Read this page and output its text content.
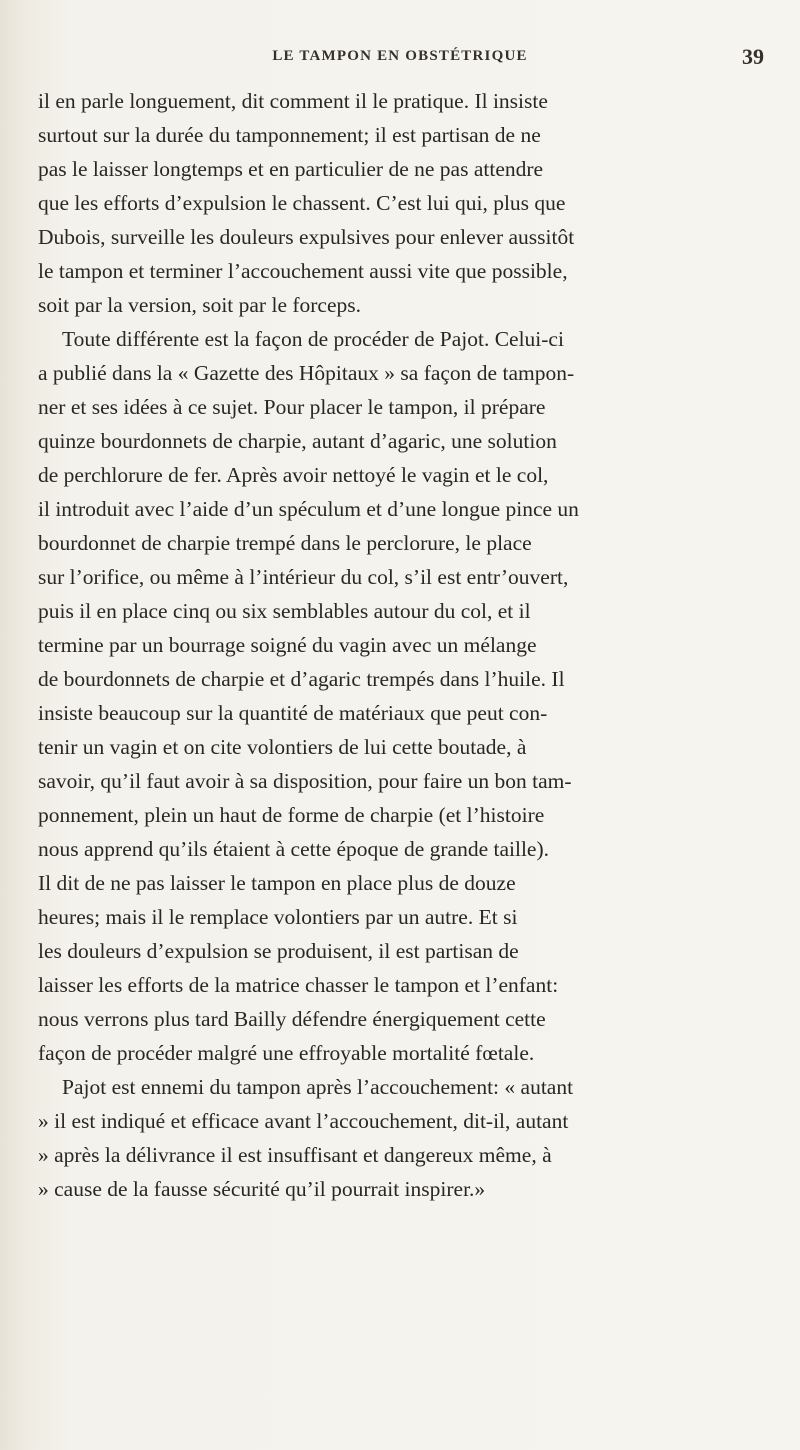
LE TAMPON EN OBSTÉTRIQUE	39
il en parle longuement, dit comment il le pratique. Il insiste
surtout sur la durée du tamponnement; il est partisan de ne
pas le laisser longtemps et en particulier de ne pas attendre
que les efforts d’expulsion le chassent. C’est lui qui, plus que
Dubois, surveille les douleurs expulsives pour enlever aussitôt
le tampon et terminer l’accouchement aussi vite que possible,
soit par la version, soit par le forceps.
Toute différente est la façon de procéder de Pajot. Celui-ci
a publié dans la « Gazette des Hôpitaux » sa façon de tampon-
ner et ses idées à ce sujet. Pour placer le tampon, il prépare
quinze bourdonnets de charpie, autant d’agaric, une solution
de perchlorure de fer. Après avoir nettoyé le vagin et le col,
il introduit avec l’aide d’un spéculum et d’une longue pince un
bourdonnet de charpie trempé dans le perclorure, le place
sur l’orifice, ou même à l’intérieur du col, s’il est entr’ouvert,
puis il en place cinq ou six semblables autour du col, et il
termine par un bourrage soigné du vagin avec un mélange
de bourdonnets de charpie et d’agaric trempés dans l’huile. Il
insiste beaucoup sur la quantité de matériaux que peut con-
tenir un vagin et on cite volontiers de lui cette boutade, à
savoir, qu’il faut avoir à sa disposition, pour faire un bon tam-
ponnement, plein un haut de forme de charpie (et l’histoire
nous apprend qu’ils étaient à cette époque de grande taille).
Il dit de ne pas laisser le tampon en place plus de douze
heures; mais il le remplace volontiers par un autre. Et si
les douleurs d’expulsion se produisent, il est partisan de
laisser les efforts de la matrice chasser le tampon et l’enfant:
nous verrons plus tard Bailly défendre énergiquement cette
façon de procéder malgré une effroyable mortalité fœtale.
Pajot est ennemi du tampon après l’accouchement: « autant
» il est indiqué et efficace avant l’accouchement, dit-il, autant
» après la délivrance il est insuffisant et dangereux même, à
» cause de la fausse sécurité qu’il pourrait inspirer.»
